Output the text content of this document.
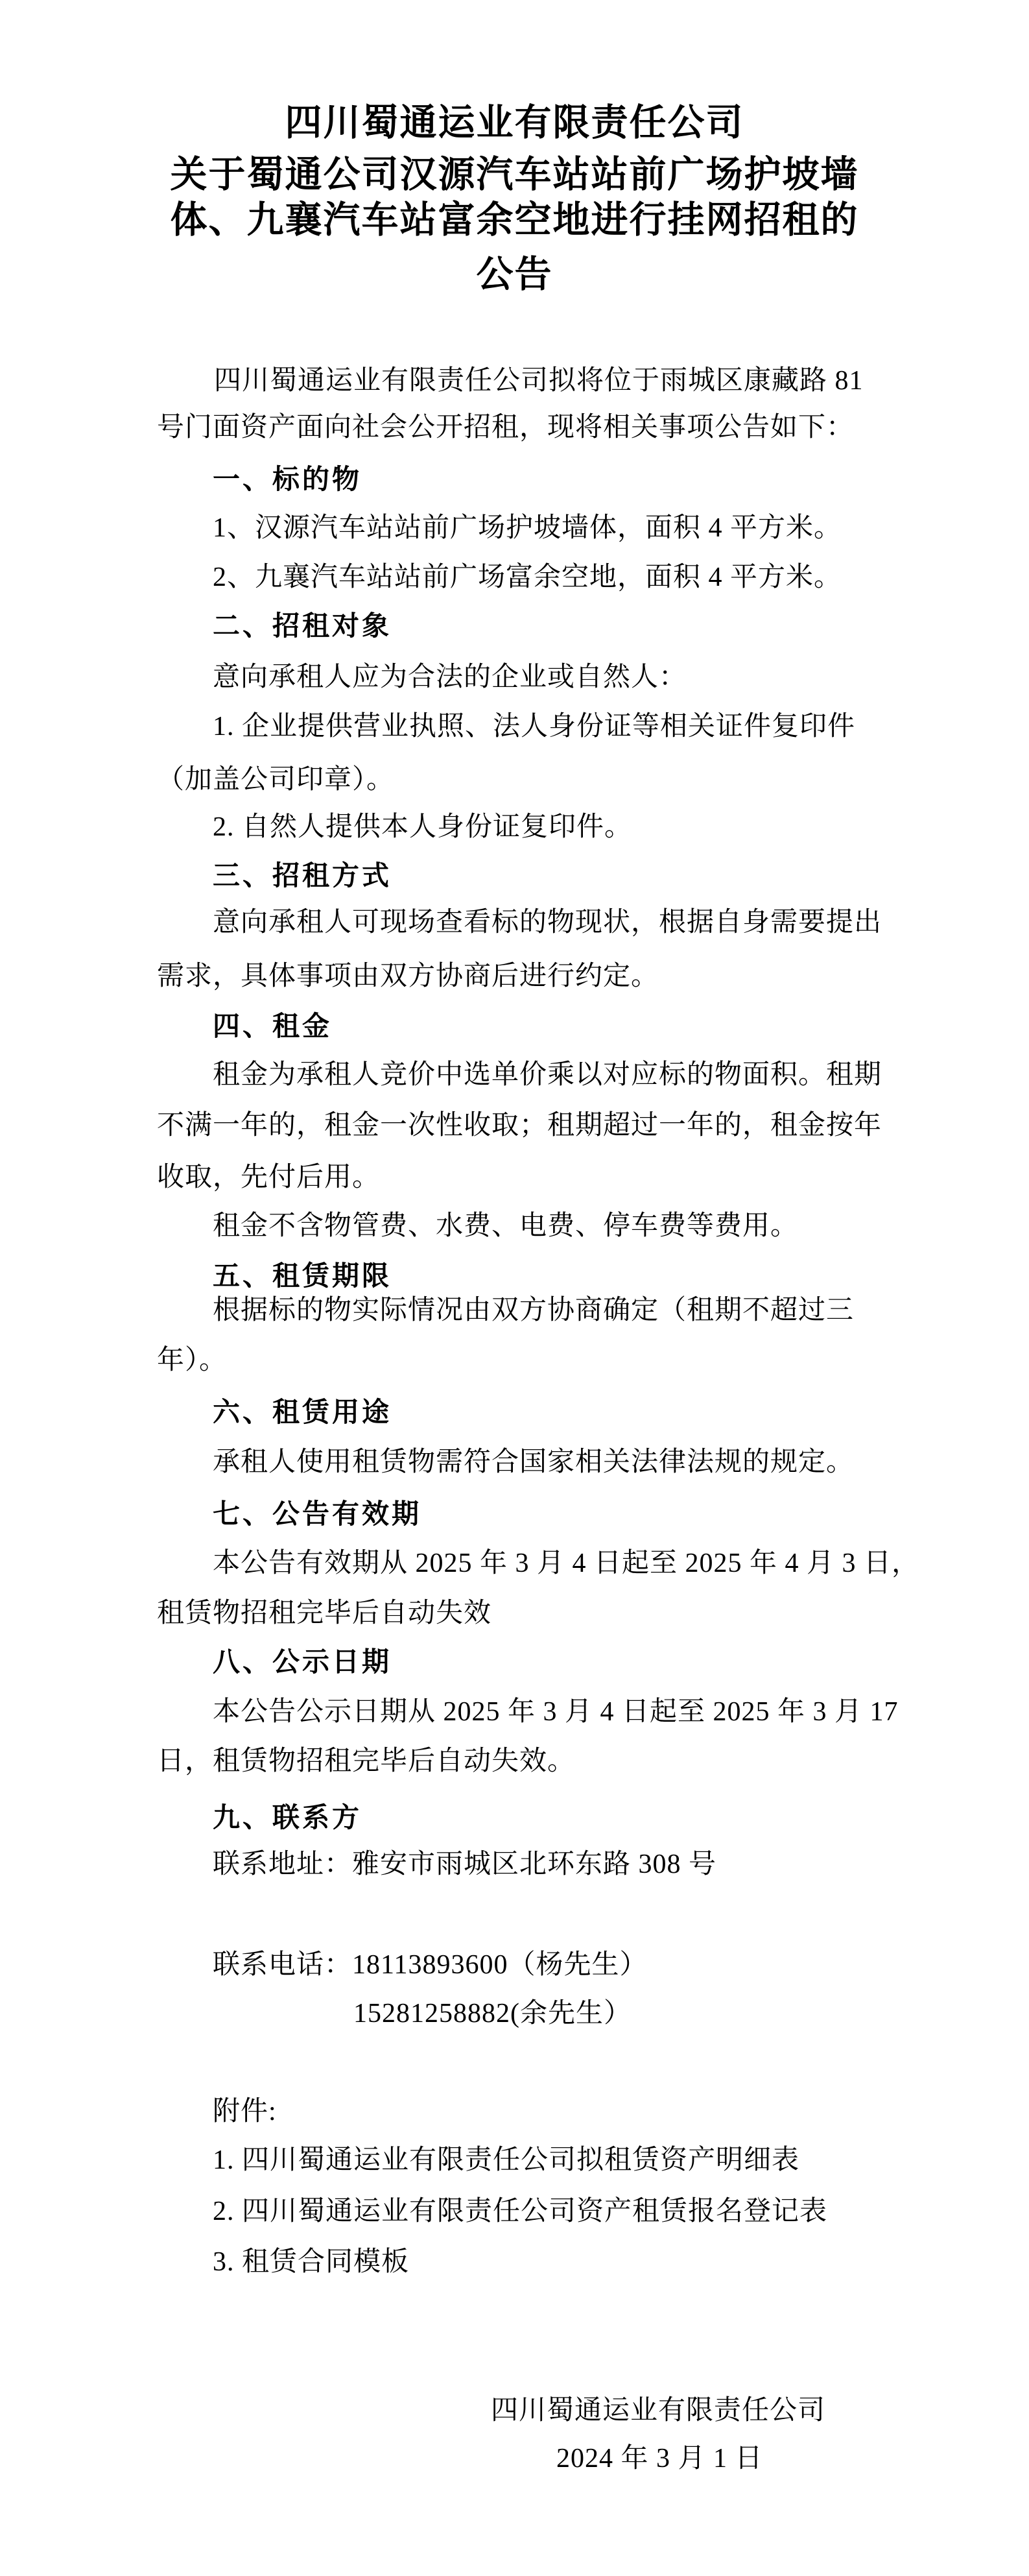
四川蜀通运业有限责任公司
关于蜀通公司汉源汽车站站前广场护坡墙
体、九襄汽车站富余空地进行挂网招租的
公告
四川蜀通运业有限责任公司拟将位于雨城区康藏路 81
号门面资产面向社会公开招租，现将相关事项公告如下：
一、标的物
1、汉源汽车站站前广场护坡墙体，面积 4 平方米。
2、九襄汽车站站前广场富余空地，面积 4 平方米。
二、招租对象
意向承租人应为合法的企业或自然人：
1. 企业提供营业执照、法人身份证等相关证件复印件
（加盖公司印章）。
2. 自然人提供本人身份证复印件。
三、招租方式
意向承租人可现场查看标的物现状，根据自身需要提出
需求，具体事项由双方协商后进行约定。
四、租金
租金为承租人竞价中选单价乘以对应标的物面积。租期
不满一年的，租金一次性收取；租期超过一年的，租金按年
收取，先付后用。
租金不含物管费、水费、电费、停车费等费用。
五、租赁期限
根据标的物实际情况由双方协商确定（租期不超过三
年）。
六、租赁用途
承租人使用租赁物需符合国家相关法律法规的规定。
七、公告有效期
本公告有效期从 2025 年 3 月 4 日起至 2025 年 4 月 3 日，
租赁物招租完毕后自动失效
八、公示日期
本公告公示日期从 2025 年 3 月 4 日起至 2025 年 3 月 17
日，租赁物招租完毕后自动失效。
九、联系方
联系地址：雅安市雨城区北环东路 308 号
联系电话：18113893600（杨先生）
15281258882(余先生）
附件:
1. 四川蜀通运业有限责任公司拟租赁资产明细表
2. 四川蜀通运业有限责任公司资产租赁报名登记表
3. 租赁合同模板
四川蜀通运业有限责任公司
2024 年 3 月 1 日
